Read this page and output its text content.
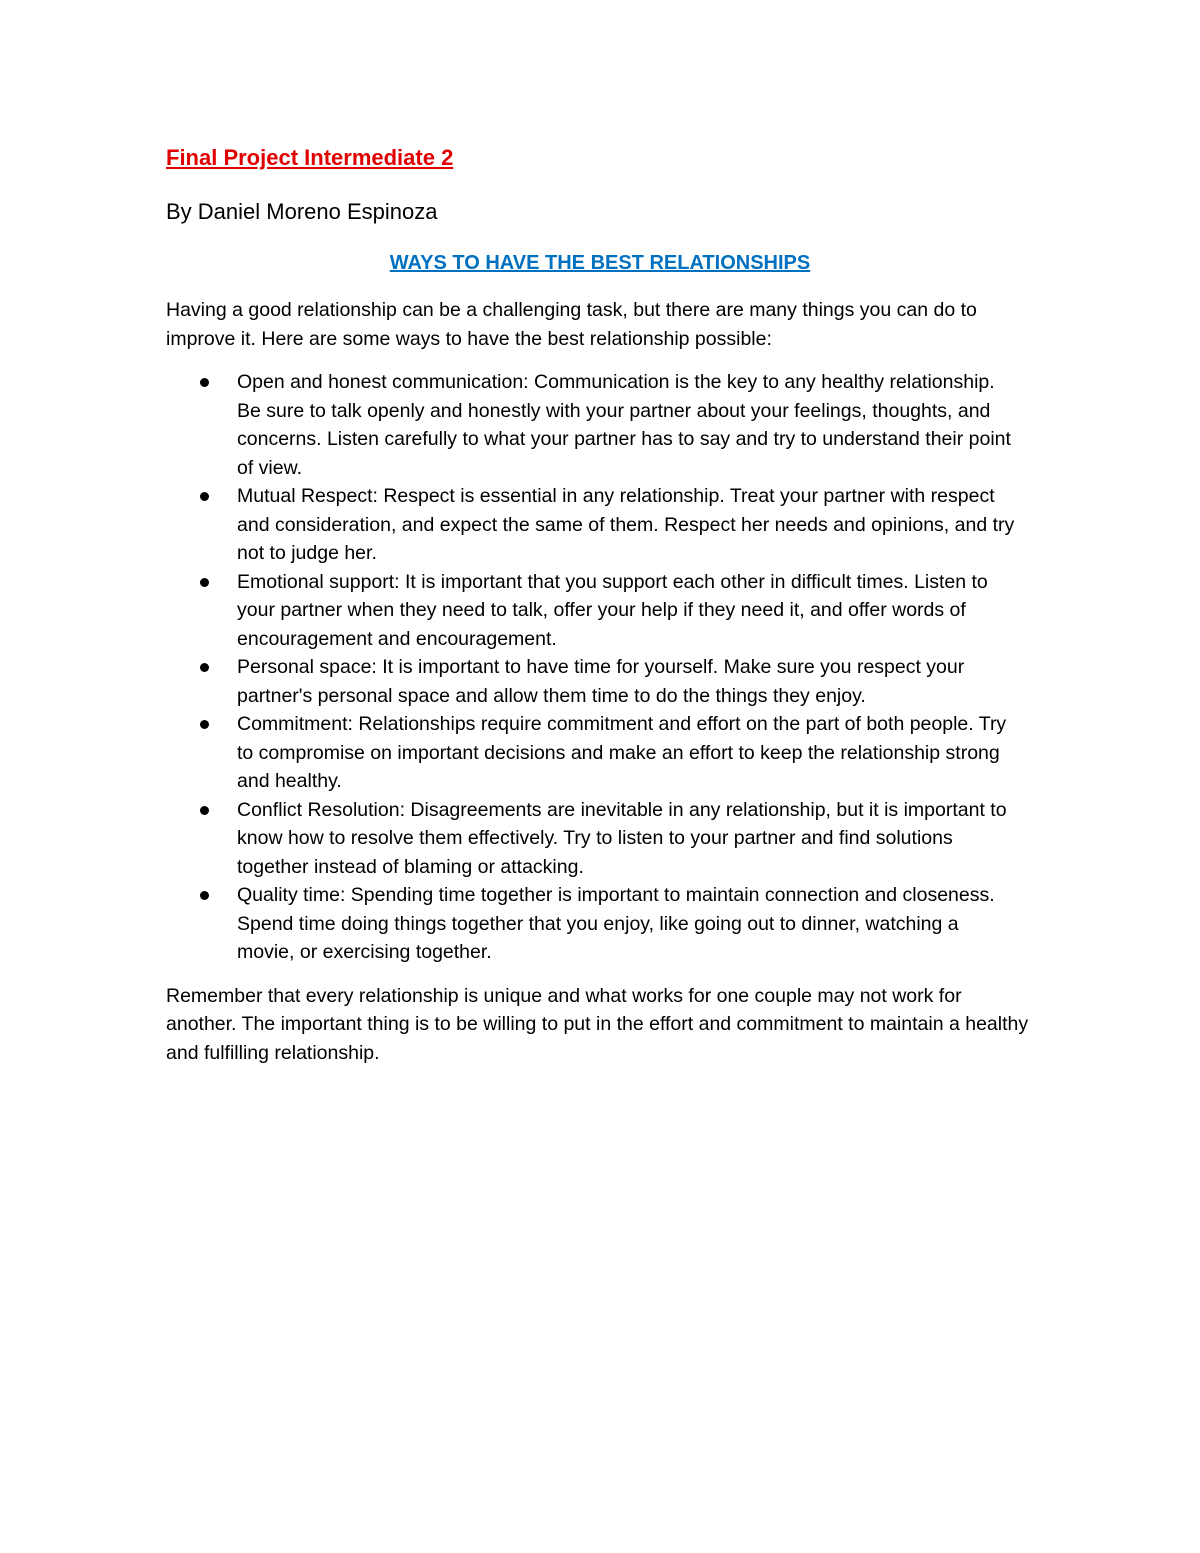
Final Project Intermediate 2

By Daniel Moreno Espinoza

WAYS TO HAVE THE BEST RELATIONSHIPS

Having a good relationship can be a challenging task, but there are many things you can do to improve it. Here are some ways to have the best relationship possible:

Open and honest communication: Communication is the key to any healthy relationship. Be sure to talk openly and honestly with your partner about your feelings, thoughts, and concerns. Listen carefully to what your partner has to say and try to understand their point of view.
Mutual Respect: Respect is essential in any relationship. Treat your partner with respect and consideration, and expect the same of them. Respect her needs and opinions, and try not to judge her.
Emotional support: It is important that you support each other in difficult times. Listen to your partner when they need to talk, offer your help if they need it, and offer words of encouragement and encouragement.
Personal space: It is important to have time for yourself. Make sure you respect your partner's personal space and allow them time to do the things they enjoy.
Commitment: Relationships require commitment and effort on the part of both people. Try to compromise on important decisions and make an effort to keep the relationship strong and healthy.
Conflict Resolution: Disagreements are inevitable in any relationship, but it is important to know how to resolve them effectively. Try to listen to your partner and find solutions together instead of blaming or attacking.
Quality time: Spending time together is important to maintain connection and closeness. Spend time doing things together that you enjoy, like going out to dinner, watching a movie, or exercising together.

Remember that every relationship is unique and what works for one couple may not work for another. The important thing is to be willing to put in the effort and commitment to maintain a healthy and fulfilling relationship.
